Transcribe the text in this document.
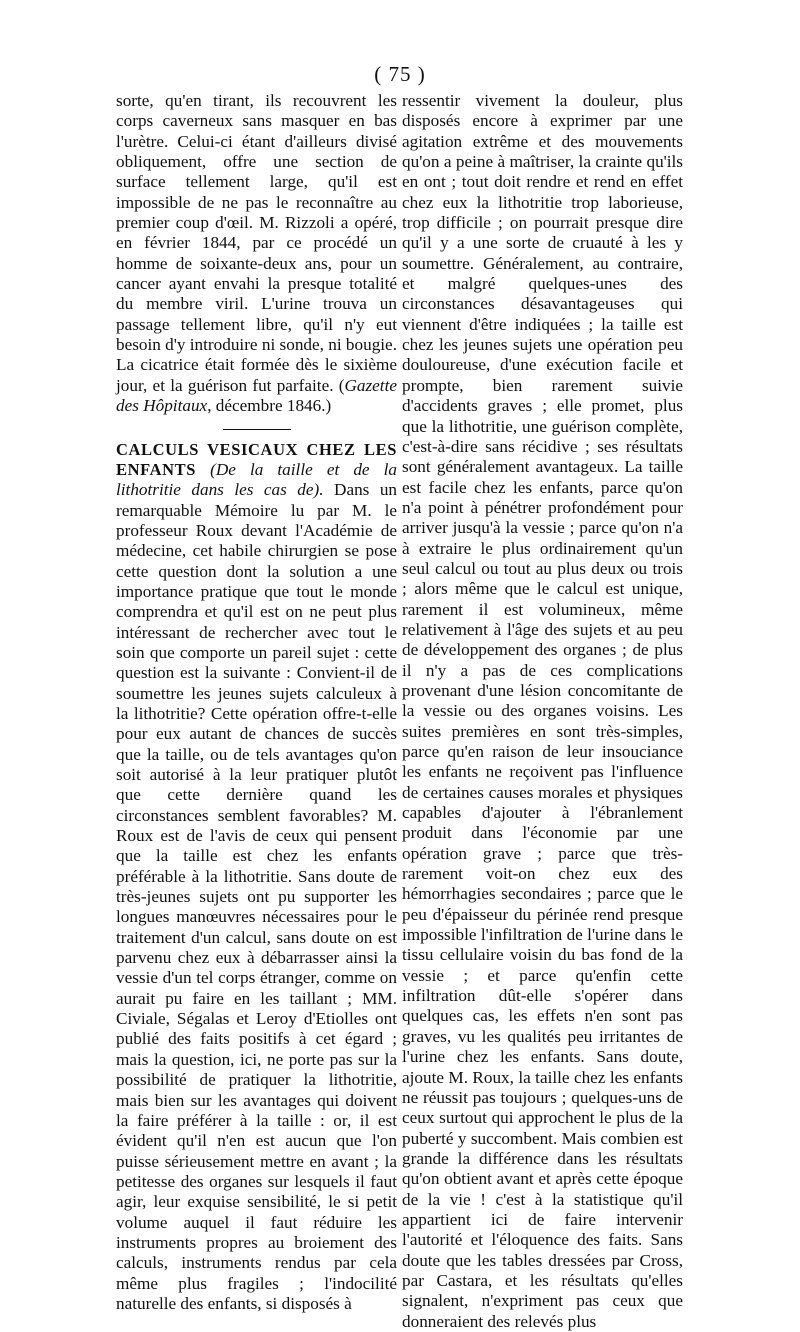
( 75 )

sorte, qu'en tirant, ils recouvrent les corps caverneux sans masquer en bas l'urètre. Celui-ci étant d'ailleurs divisé obliquement, offre une section de surface tellement large, qu'il est impossible de ne pas le reconnaître au premier coup d'œil. M. Rizzoli a opéré, en février 1844, par ce procédé un homme de soixante-deux ans, pour un cancer ayant envahi la presque totalité du membre viril. L'urine trouva un passage tellement libre, qu'il n'y eut besoin d'y introduire ni sonde, ni bougie. La cicatrice était formée dès le sixième jour, et la guérison fut parfaite. (Gazette des Hôpitaux, décembre 1846.)

CALCULS VESICAUX CHEZ LES ENFANTS (De la taille et de la lithotritie dans les cas de). Dans un remarquable Mémoire lu par M. le professeur Roux devant l'Académie de médecine, cet habile chirurgien se pose cette question dont la solution a une importance pratique que tout le monde comprendra et qu'il est on ne peut plus intéressant de rechercher avec tout le soin que comporte un pareil sujet : cette question est la suivante : Convient-il de soumettre les jeunes sujets calculeux à la lithotritie? Cette opération offre-t-elle pour eux autant de chances de succès que la taille, ou de tels avantages qu'on soit autorisé à la leur pratiquer plutôt que cette dernière quand les circonstances semblent favorables? M. Roux est de l'avis de ceux qui pensent que la taille est chez les enfants préférable à la lithotritie. Sans doute de très-jeunes sujets ont pu supporter les longues manœuvres nécessaires pour le traitement d'un calcul, sans doute on est parvenu chez eux à débarrasser ainsi la vessie d'un tel corps étranger, comme on aurait pu faire en les taillant ; MM. Civiale, Ségalas et Leroy d'Etiolles ont publié des faits positifs à cet égard ; mais la question, ici, ne porte pas sur la possibilité de pratiquer la lithotritie, mais bien sur les avantages qui doivent la faire préférer à la taille : or, il est évident qu'il n'en est aucun que l'on puisse sérieusement mettre en avant ; la petitesse des organes sur lesquels il faut agir, leur exquise sensibilité, le si petit volume auquel il faut réduire les instruments propres au broiement des calculs, instruments rendus par cela même plus fragiles ; l'indocilité naturelle des enfants, si disposés à

ressentir vivement la douleur, plus disposés encore à exprimer par une agitation extrême et des mouvements qu'on a peine à maîtriser, la crainte qu'ils en ont ; tout doit rendre et rend en effet chez eux la lithotritie trop laborieuse, trop difficile ; on pourrait presque dire qu'il y a une sorte de cruauté à les y soumettre. Généralement, au contraire, et malgré quelques-unes des circonstances désavantageuses qui viennent d'être indiquées ; la taille est chez les jeunes sujets une opération peu douloureuse, d'une exécution facile et prompte, bien rarement suivie d'accidents graves ; elle promet, plus que la lithotritie, une guérison complète, c'est-à-dire sans récidive ; ses résultats sont généralement avantageux. La taille est facile chez les enfants, parce qu'on n'a point à pénétrer profondément pour arriver jusqu'à la vessie ; parce qu'on n'a à extraire le plus ordinairement qu'un seul calcul ou tout au plus deux ou trois ; alors même que le calcul est unique, rarement il est volumineux, même relativement à l'âge des sujets et au peu de développement des organes ; de plus il n'y a pas de ces complications provenant d'une lésion concomitante de la vessie ou des organes voisins. Les suites premières en sont très-simples, parce qu'en raison de leur insouciance les enfants ne reçoivent pas l'influence de certaines causes morales et physiques capables d'ajouter à l'ébranlement produit dans l'économie par une opération grave ; parce que très-rarement voit-on chez eux des hémorrhagies secondaires ; parce que le peu d'épaisseur du périnée rend presque impossible l'infiltration de l'urine dans le tissu cellulaire voisin du bas fond de la vessie ; et parce qu'enfin cette infiltration dût-elle s'opérer dans quelques cas, les effets n'en sont pas graves, vu les qualités peu irritantes de l'urine chez les enfants. Sans doute, ajoute M. Roux, la taille chez les enfants ne réussit pas toujours ; quelques-uns de ceux surtout qui approchent le plus de la puberté y succombent. Mais combien est grande la différence dans les résultats qu'on obtient avant et après cette époque de la vie ! c'est à la statistique qu'il appartient ici de faire intervenir l'autorité et l'éloquence des faits. Sans doute que les tables dressées par Cross, par Castara, et les résultats qu'elles signalent, n'expriment pas ceux que donneraient des relevés plus
